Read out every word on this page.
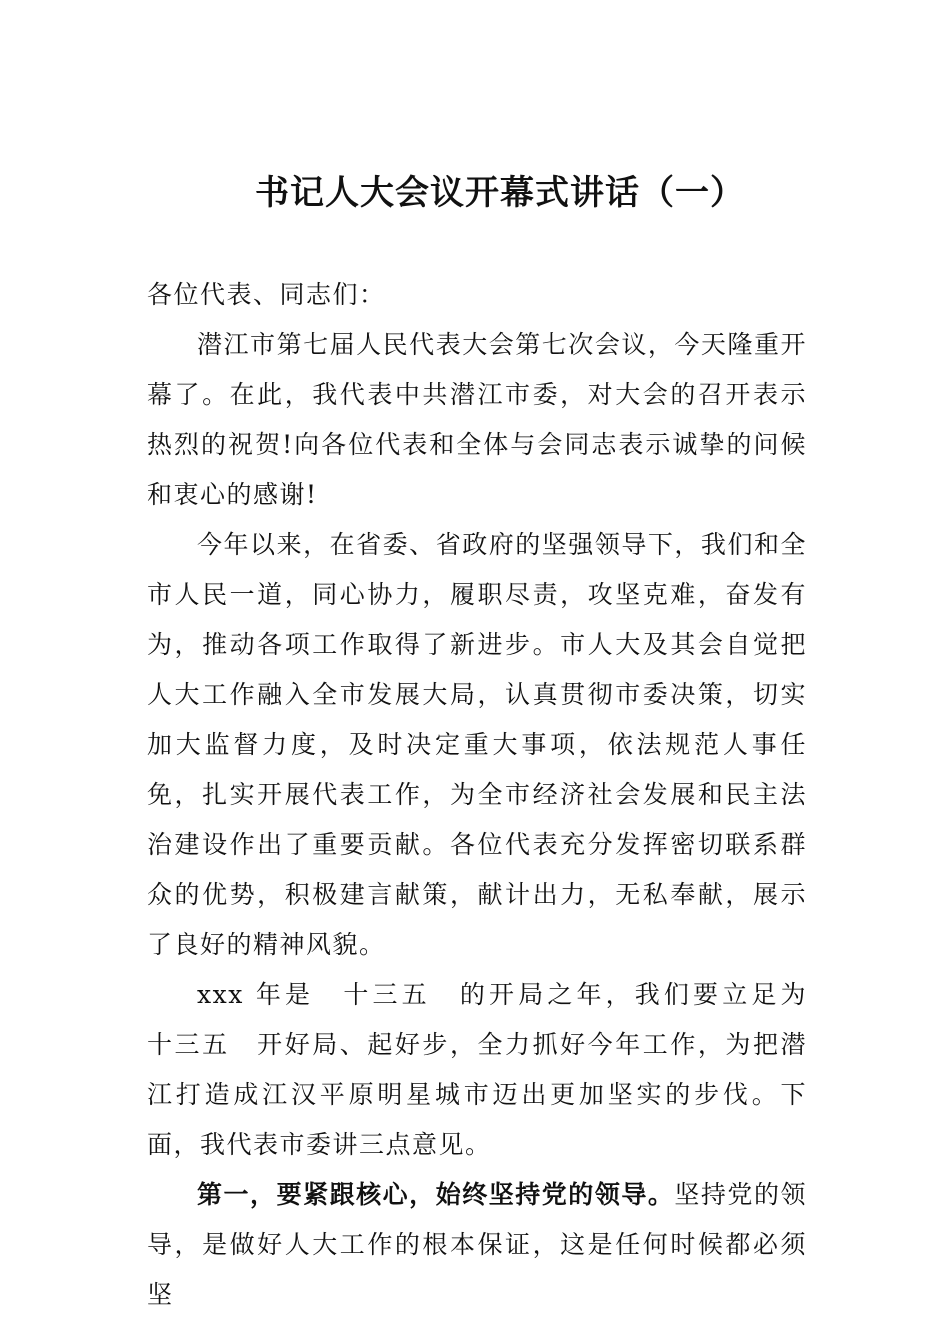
书记人大会议开幕式讲话（一）

各位代表、同志们：

潜江市第七届人民代表大会第七次会议，今天隆重开幕了。在此，我代表中共潜江市委，对大会的召开表示热烈的祝贺!向各位代表和全体与会同志表示诚挚的问候和衷心的感谢!

今年以来，在省委、省政府的坚强领导下，我们和全市人民一道，同心协力，履职尽责，攻坚克难，奋发有为，推动各项工作取得了新进步。市人大及其会自觉把人大工作融入全市发展大局，认真贯彻市委决策，切实加大监督力度，及时决定重大事项，依法规范人事任免，扎实开展代表工作，为全市经济社会发展和民主法治建设作出了重要贡献。各位代表充分发挥密切联系群众的优势，积极建言献策，献计出力，无私奉献，展示了良好的精神风貌。

xxx 年是　十三五　的开局之年，我们要立足为　十三五　开好局、起好步，全力抓好今年工作，为把潜江打造成江汉平原明星城市迈出更加坚实的步伐。下面，我代表市委讲三点意见。

第一，要紧跟核心，始终坚持党的领导。坚持党的领导，是做好人大工作的根本保证，这是任何时候都必须坚
